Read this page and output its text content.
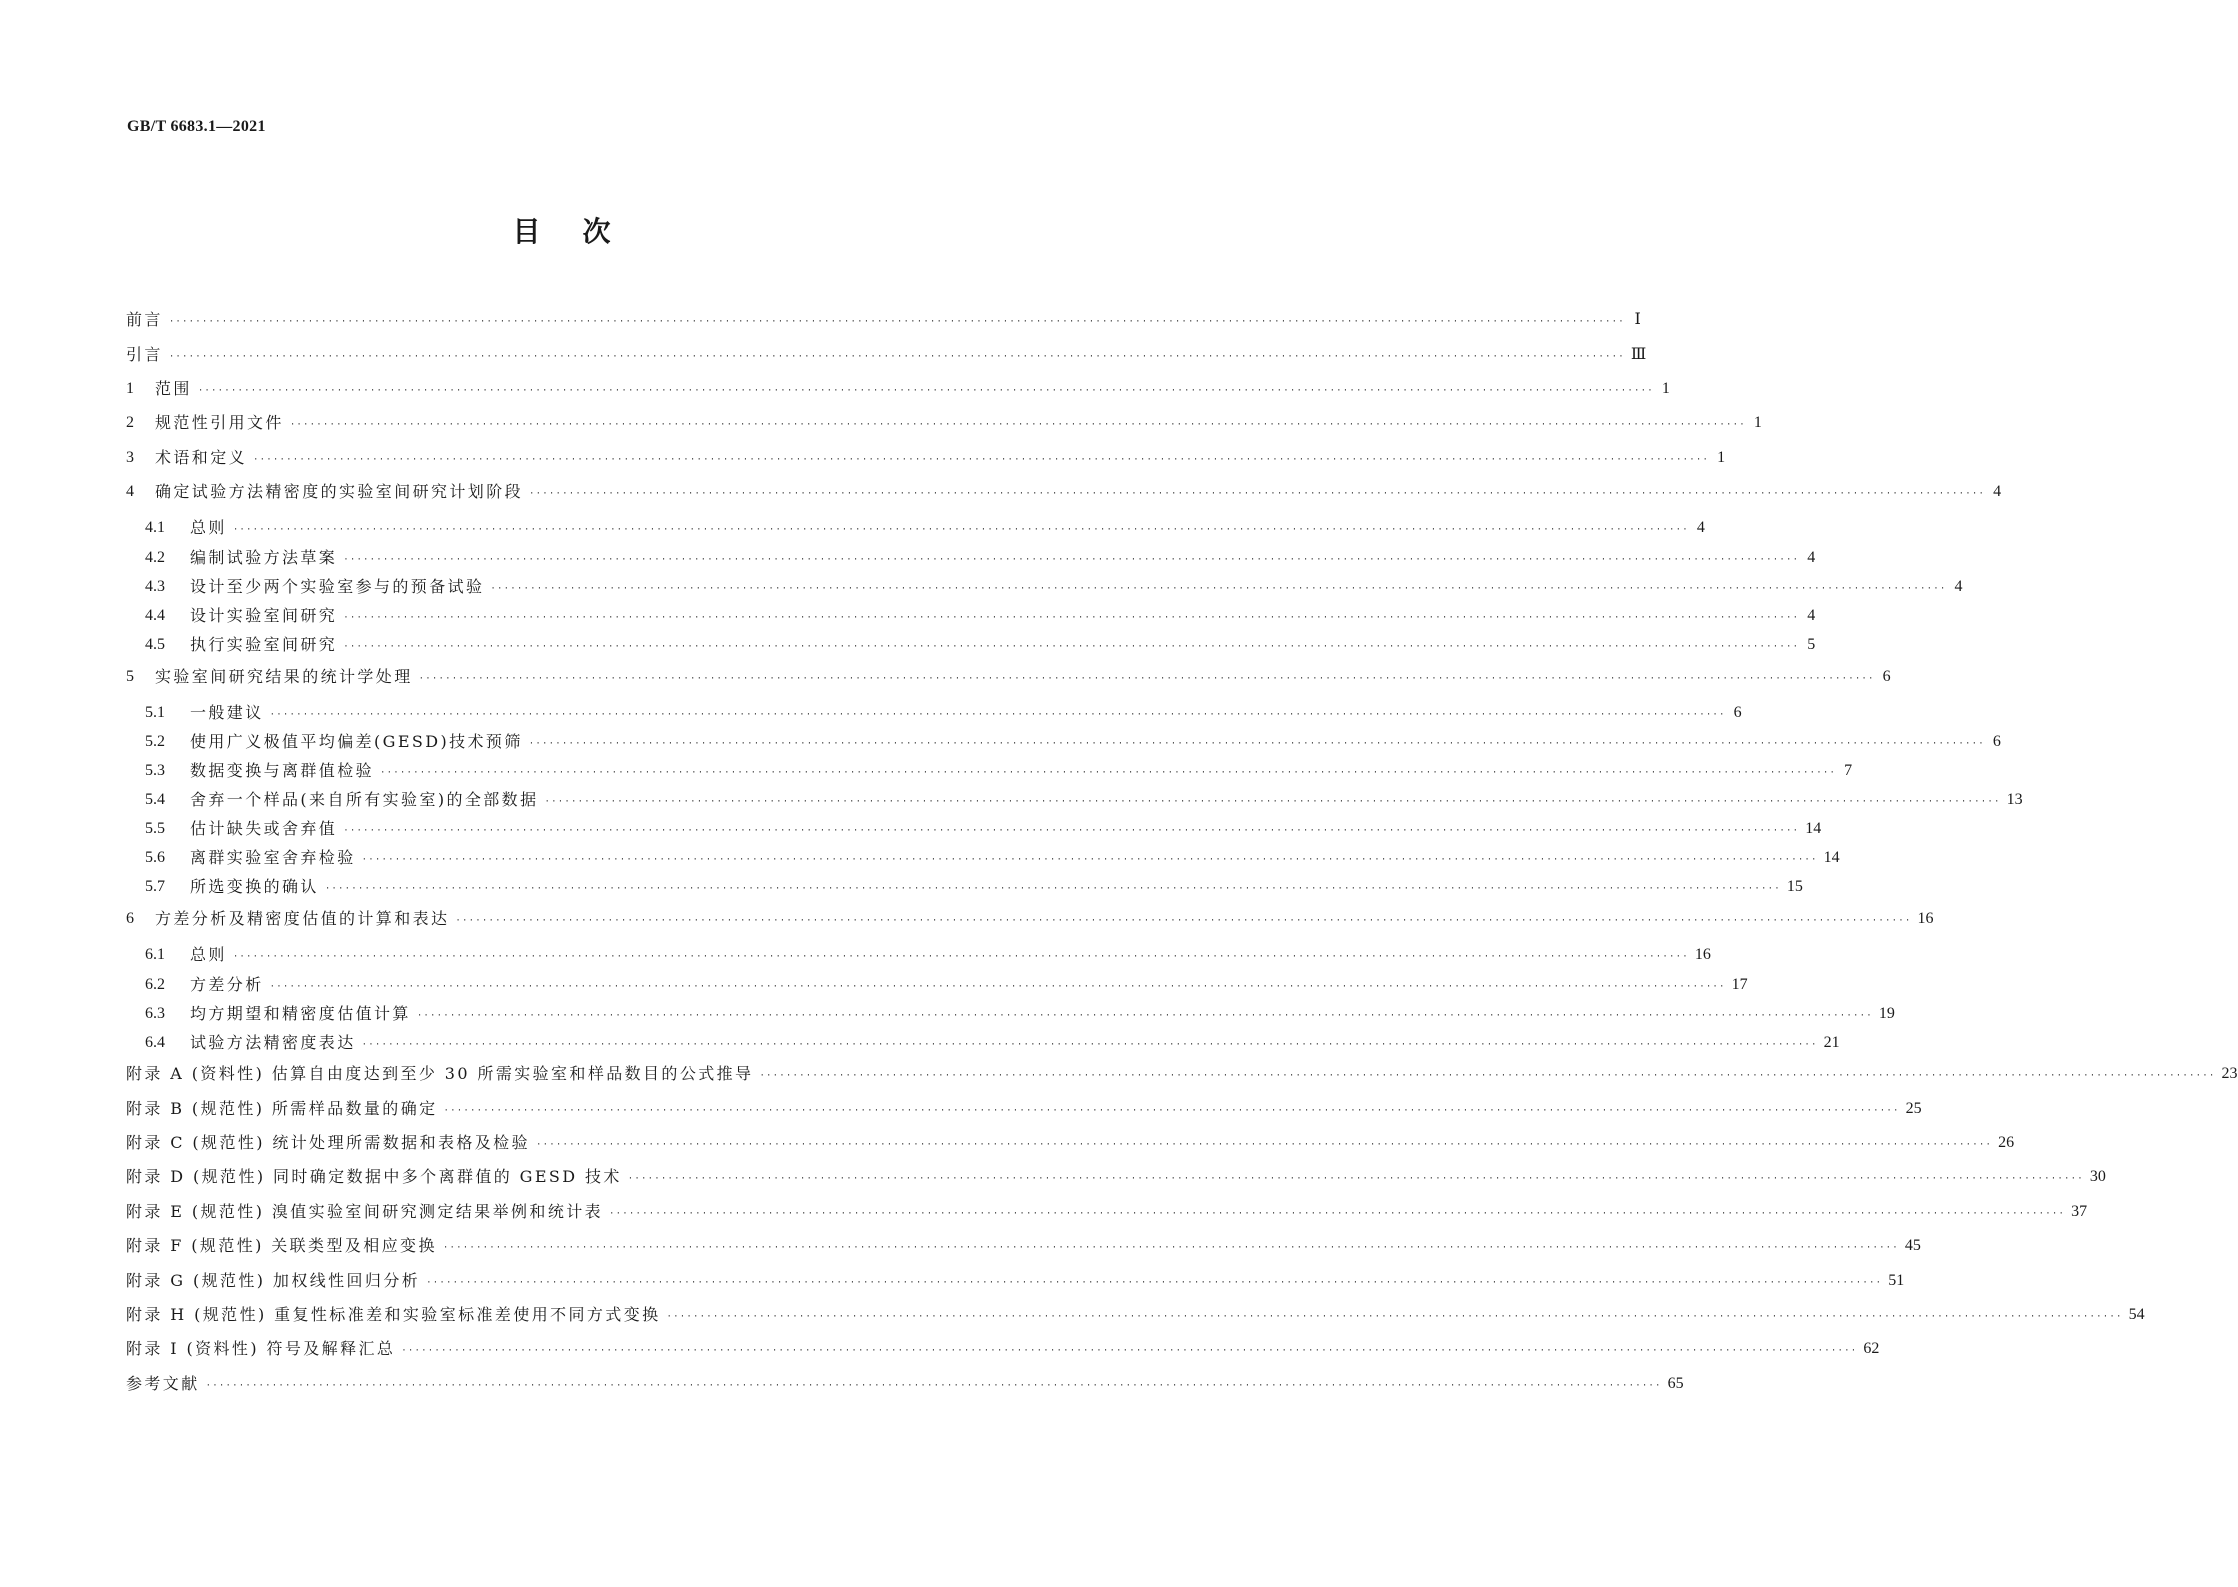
GB/T 6683.1—2021

目次
前言 ···························································································································································································································· Ⅰ
引言 ···························································································································································································································· Ⅲ
1	范围 ···························································································································································································································· 1
2	规范性引用文件 ···························································································································································································································· 1
3	术语和定义 ···························································································································································································································· 1
4	确定试验方法精密度的实验室间研究计划阶段 ···························································································································································································································· 4
4.1	总则 ···························································································································································································································· 4
4.2	编制试验方法草案 ···························································································································································································································· 4
4.3	设计至少两个实验室参与的预备试验 ···························································································································································································································· 4
4.4	设计实验室间研究 ···························································································································································································································· 4
4.5	执行实验室间研究 ···························································································································································································································· 5
5	实验室间研究结果的统计学处理 ···························································································································································································································· 6
5.1	一般建议 ···························································································································································································································· 6
5.2	使用广义极值平均偏差(GESD)技术预筛 ···························································································································································································································· 6
5.3	数据变换与离群值检验 ···························································································································································································································· 7
5.4	舍弃一个样品(来自所有实验室)的全部数据 ···························································································································································································································· 13
5.5	估计缺失或舍弃值 ···························································································································································································································· 14
5.6	离群实验室舍弃检验 ···························································································································································································································· 14
5.7	所选变换的确认 ···························································································································································································································· 15
6	方差分析及精密度估值的计算和表达 ···························································································································································································································· 16
6.1	总则 ···························································································································································································································· 16
6.2	方差分析 ···························································································································································································································· 17
6.3	均方期望和精密度估值计算 ···························································································································································································································· 19
6.4	试验方法精密度表达 ···························································································································································································································· 21
附录 A (资料性) 估算自由度达到至少 30 所需实验室和样品数目的公式推导 ···························································································································································································································· 23
附录 B (规范性) 所需样品数量的确定 ···························································································································································································································· 25
附录 C (规范性) 统计处理所需数据和表格及检验 ···························································································································································································································· 26
附录 D (规范性) 同时确定数据中多个离群值的 GESD 技术 ···························································································································································································································· 30
附录 E (规范性) 溴值实验室间研究测定结果举例和统计表 ···························································································································································································································· 37
附录 F (规范性) 关联类型及相应变换 ···························································································································································································································· 45
附录 G (规范性) 加权线性回归分析 ···························································································································································································································· 51
附录 H (规范性) 重复性标准差和实验室标准差使用不同方式变换 ···························································································································································································································· 54
附录 I (资料性) 符号及解释汇总 ···························································································································································································································· 62
参考文献 ···························································································································································································································· 65
